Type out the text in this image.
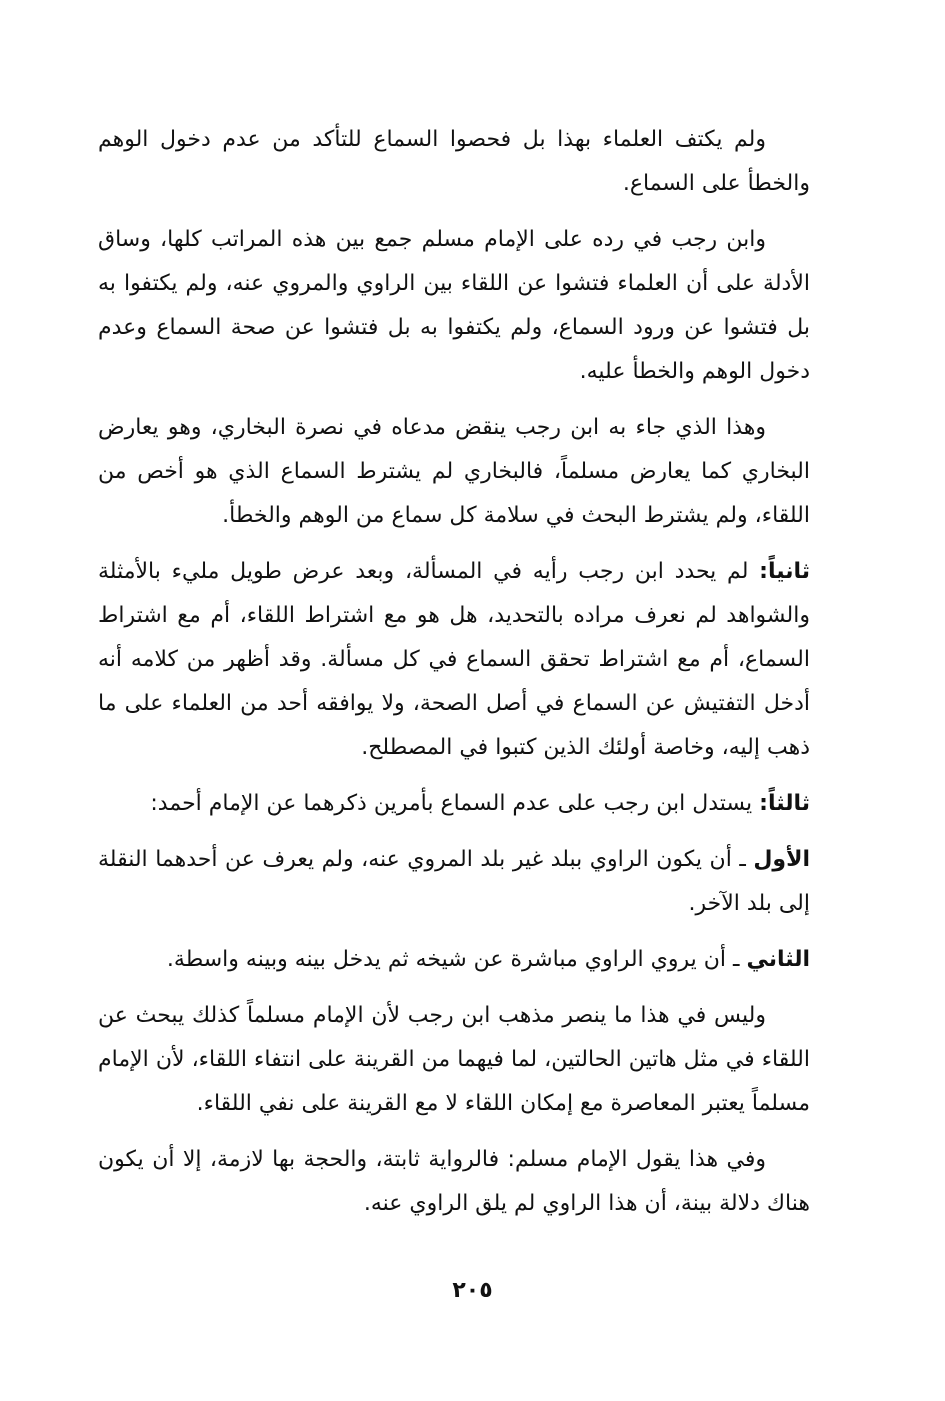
ولم يكتف العلماء بهذا بل فحصوا السماع للتأكد من عدم دخول الوهم والخطأ على السماع.

وابن رجب في رده على الإمام مسلم جمع بين هذه المراتب كلها، وساق الأدلة على أن العلماء فتشوا عن اللقاء بين الراوي والمروي عنه، ولم يكتفوا به بل فتشوا عن ورود السماع، ولم يكتفوا به بل فتشوا عن صحة السماع وعدم دخول الوهم والخطأ عليه.

وهذا الذي جاء به ابن رجب ينقض مدعاه في نصرة البخاري، وهو يعارض البخاري كما يعارض مسلماً، فالبخاري لم يشترط السماع الذي هو أخص من اللقاء، ولم يشترط البحث في سلامة كل سماع من الوهم والخطأ.

ثانياً: لم يحدد ابن رجب رأيه في المسألة، وبعد عرض طويل مليء بالأمثلة والشواهد لم نعرف مراده بالتحديد، هل هو مع اشتراط اللقاء، أم مع اشتراط السماع، أم مع اشتراط تحقق السماع في كل مسألة. وقد أظهر من كلامه أنه أدخل التفتيش عن السماع في أصل الصحة، ولا يوافقه أحد من العلماء على ما ذهب إليه، وخاصة أولئك الذين كتبوا في المصطلح.

ثالثاً: يستدل ابن رجب على عدم السماع بأمرين ذكرهما عن الإمام أحمد:

الأول ـ أن يكون الراوي ببلد غير بلد المروي عنه، ولم يعرف عن أحدهما النقلة إلى بلد الآخر.

الثاني ـ أن يروي الراوي مباشرة عن شيخه ثم يدخل بينه وبينه واسطة.

وليس في هذا ما ينصر مذهب ابن رجب لأن الإمام مسلماً كذلك يبحث عن اللقاء في مثل هاتين الحالتين، لما فيهما من القرينة على انتفاء اللقاء، لأن الإمام مسلماً يعتبر المعاصرة مع إمكان اللقاء لا مع القرينة على نفي اللقاء.

وفي هذا يقول الإمام مسلم: فالرواية ثابتة، والحجة بها لازمة، إلا أن يكون هناك دلالة بينة، أن هذا الراوي لم يلق الراوي عنه.

٢٠٥
